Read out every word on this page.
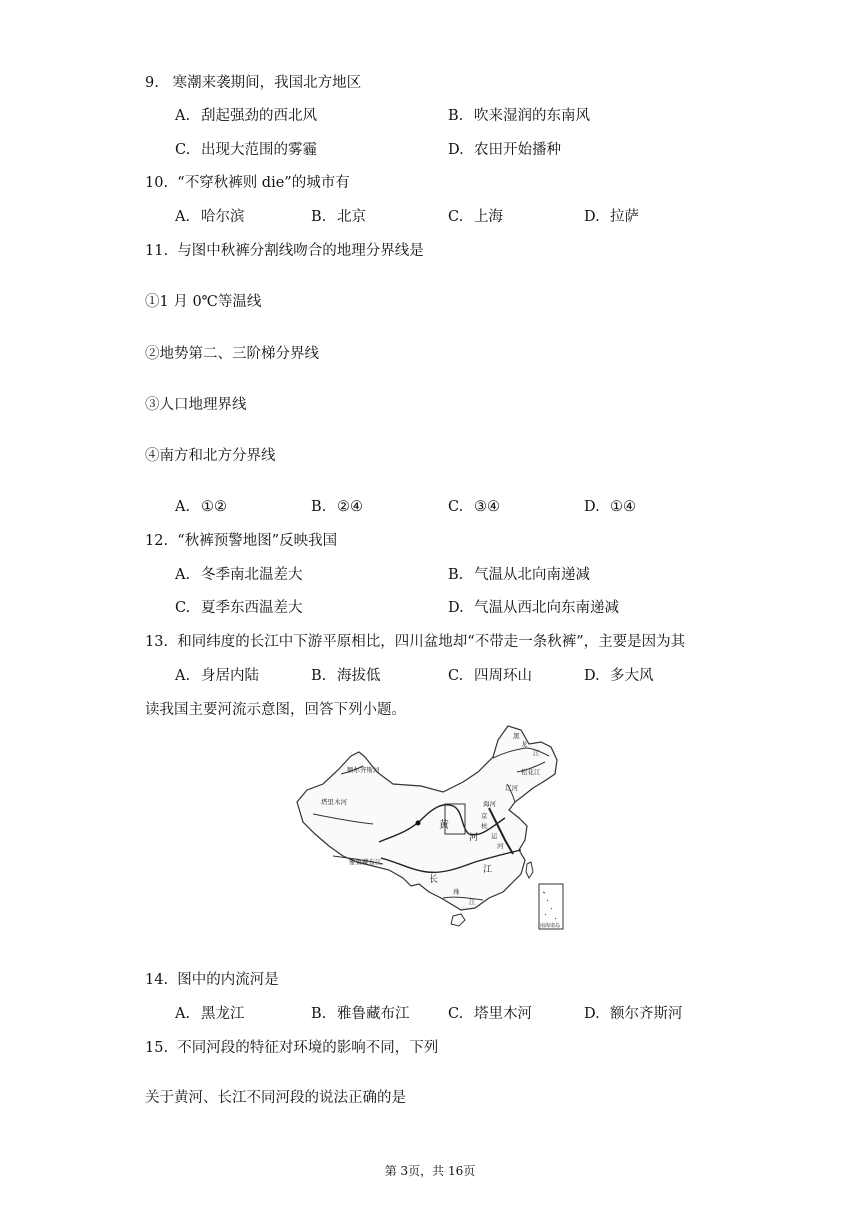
9.   寒潮来袭期间，我国北方地区
A. 刮起强劲的西北风	B. 吹来湿润的东南风
C. 出现大范围的雾霾	D. 农田开始播种
10.  “不穿秋裤则 die”的城市有
A. 哈尔滨	B. 北京	C. 上海	D. 拉萨
11.  与图中秋裤分割线吻合的地理分界线是
①1 月 0℃等温线
②地势第二、三阶梯分界线
③人口地理界线
④南方和北方分界线
A. ①②	B. ②④	C. ③④	D. ①④
12.  “秋裤预警地图”反映我国
A. 冬季南北温差大	B. 气温从北向南递减
C. 夏季东西温差大	D. 气温从西北向东南递减
13.  和同纬度的长江中下游平原相比，四川盆地却“不带走一条秋裤”，主要是因为其
A. 身居内陆	B. 海拔低	C. 四周环山	D. 多大风
读我国主要河流示意图，回答下列小题。
黑
龙
江
松花江
额尔齐斯河
塔里木河
辽河
海河
京
杭
运
河
黄
河
雅鲁藏布江
长
江
珠
江
南海诸岛
14.  图中的内流河是
A. 黑龙江	B. 雅鲁藏布江	C. 塔里木河	D. 额尔齐斯河
15.  不同河段的特征对环境的影响不同，下列
关于黄河、长江不同河段的说法正确的是
第 3页，共 16页
